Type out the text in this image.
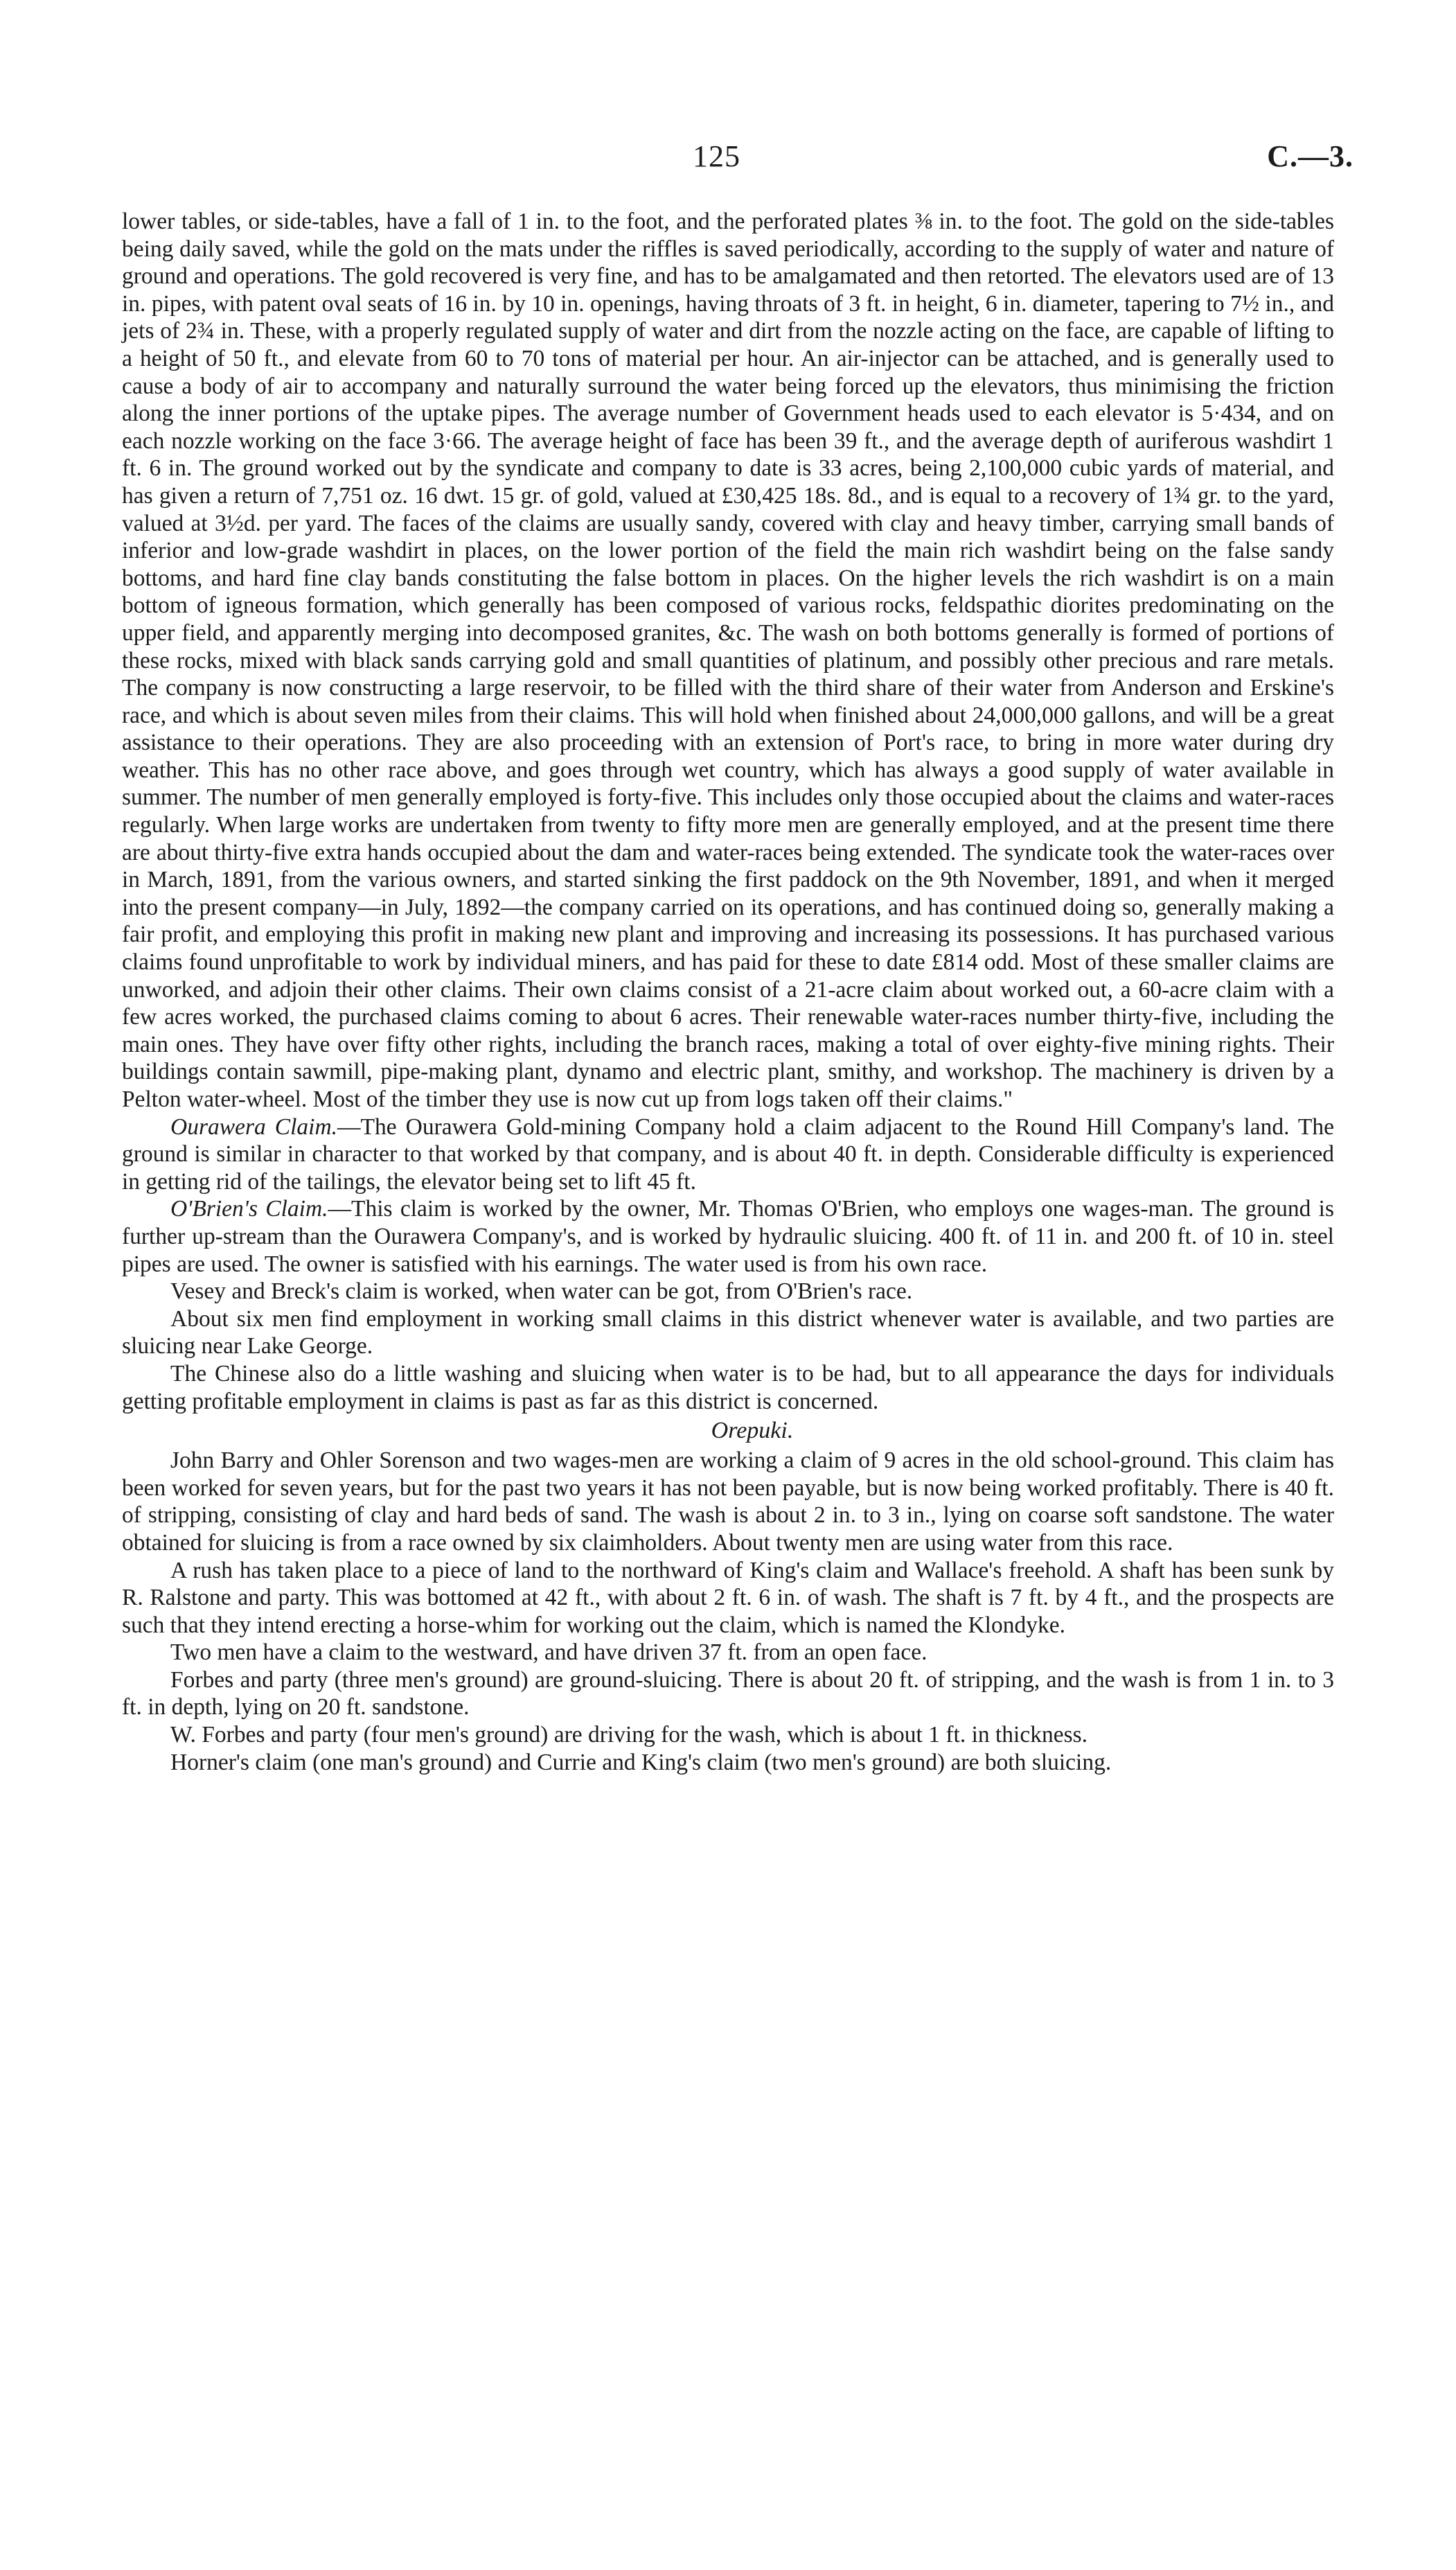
125	C.—3.

lower tables, or side-tables, have a fall of 1 in. to the foot, and the perforated plates ⅜ in. to the foot. The gold on the side-tables being daily saved, while the gold on the mats under the riffles is saved periodically, according to the supply of water and nature of ground and operations. The gold recovered is very fine, and has to be amalgamated and then retorted. The elevators used are of 13 in. pipes, with patent oval seats of 16 in. by 10 in. openings, having throats of 3 ft. in height, 6 in. diameter, tapering to 7½ in., and jets of 2¾ in. These, with a properly regulated supply of water and dirt from the nozzle acting on the face, are capable of lifting to a height of 50 ft., and elevate from 60 to 70 tons of material per hour. An air-injector can be attached, and is generally used to cause a body of air to accompany and naturally surround the water being forced up the elevators, thus minimising the friction along the inner portions of the uptake pipes. The average number of Government heads used to each elevator is 5·434, and on each nozzle working on the face 3·66. The average height of face has been 39 ft., and the average depth of auriferous washdirt 1 ft. 6 in. The ground worked out by the syndicate and company to date is 33 acres, being 2,100,000 cubic yards of material, and has given a return of 7,751 oz. 16 dwt. 15 gr. of gold, valued at £30,425 18s. 8d., and is equal to a recovery of 1¾ gr. to the yard, valued at 3½d. per yard. The faces of the claims are usually sandy, covered with clay and heavy timber, carrying small bands of inferior and low-grade washdirt in places, on the lower portion of the field the main rich washdirt being on the false sandy bottoms, and hard fine clay bands constituting the false bottom in places. On the higher levels the rich washdirt is on a main bottom of igneous formation, which generally has been composed of various rocks, feldspathic diorites predominating on the upper field, and apparently merging into decomposed granites, &c. The wash on both bottoms generally is formed of portions of these rocks, mixed with black sands carrying gold and small quantities of platinum, and possibly other precious and rare metals. The company is now constructing a large reservoir, to be filled with the third share of their water from Anderson and Erskine's race, and which is about seven miles from their claims. This will hold when finished about 24,000,000 gallons, and will be a great assistance to their operations. They are also proceeding with an extension of Port's race, to bring in more water during dry weather. This has no other race above, and goes through wet country, which has always a good supply of water available in summer. The number of men generally employed is forty-five. This includes only those occupied about the claims and water-races regularly. When large works are undertaken from twenty to fifty more men are generally employed, and at the present time there are about thirty-five extra hands occupied about the dam and water-races being extended. The syndicate took the water-races over in March, 1891, from the various owners, and started sinking the first paddock on the 9th November, 1891, and when it merged into the present company—in July, 1892—the company carried on its operations, and has continued doing so, generally making a fair profit, and employing this profit in making new plant and improving and increasing its possessions. It has purchased various claims found unprofitable to work by individual miners, and has paid for these to date £814 odd. Most of these smaller claims are unworked, and adjoin their other claims. Their own claims consist of a 21-acre claim about worked out, a 60-acre claim with a few acres worked, the purchased claims coming to about 6 acres. Their renewable water-races number thirty-five, including the main ones. They have over fifty other rights, including the branch races, making a total of over eighty-five mining rights. Their buildings contain sawmill, pipe-making plant, dynamo and electric plant, smithy, and workshop. The machinery is driven by a Pelton water-wheel. Most of the timber they use is now cut up from logs taken off their claims."

Ourawera Claim.—The Ourawera Gold-mining Company hold a claim adjacent to the Round Hill Company's land. The ground is similar in character to that worked by that company, and is about 40 ft. in depth. Considerable difficulty is experienced in getting rid of the tailings, the elevator being set to lift 45 ft.

O'Brien's Claim.—This claim is worked by the owner, Mr. Thomas O'Brien, who employs one wages-man. The ground is further up-stream than the Ourawera Company's, and is worked by hydraulic sluicing. 400 ft. of 11 in. and 200 ft. of 10 in. steel pipes are used. The owner is satisfied with his earnings. The water used is from his own race.

Vesey and Breck's claim is worked, when water can be got, from O'Brien's race.

About six men find employment in working small claims in this district whenever water is available, and two parties are sluicing near Lake George.

The Chinese also do a little washing and sluicing when water is to be had, but to all appearance the days for individuals getting profitable employment in claims is past as far as this district is concerned.

Orepuki.

John Barry and Ohler Sorenson and two wages-men are working a claim of 9 acres in the old school-ground. This claim has been worked for seven years, but for the past two years it has not been payable, but is now being worked profitably. There is 40 ft. of stripping, consisting of clay and hard beds of sand. The wash is about 2 in. to 3 in., lying on coarse soft sandstone. The water obtained for sluicing is from a race owned by six claimholders. About twenty men are using water from this race.

A rush has taken place to a piece of land to the northward of King's claim and Wallace's freehold. A shaft has been sunk by R. Ralstone and party. This was bottomed at 42 ft., with about 2 ft. 6 in. of wash. The shaft is 7 ft. by 4 ft., and the prospects are such that they intend erecting a horse-whim for working out the claim, which is named the Klondyke.

Two men have a claim to the westward, and have driven 37 ft. from an open face.

Forbes and party (three men's ground) are ground-sluicing. There is about 20 ft. of stripping, and the wash is from 1 in. to 3 ft. in depth, lying on 20 ft. sandstone.

W. Forbes and party (four men's ground) are driving for the wash, which is about 1 ft. in thickness.

Horner's claim (one man's ground) and Currie and King's claim (two men's ground) are both sluicing.
